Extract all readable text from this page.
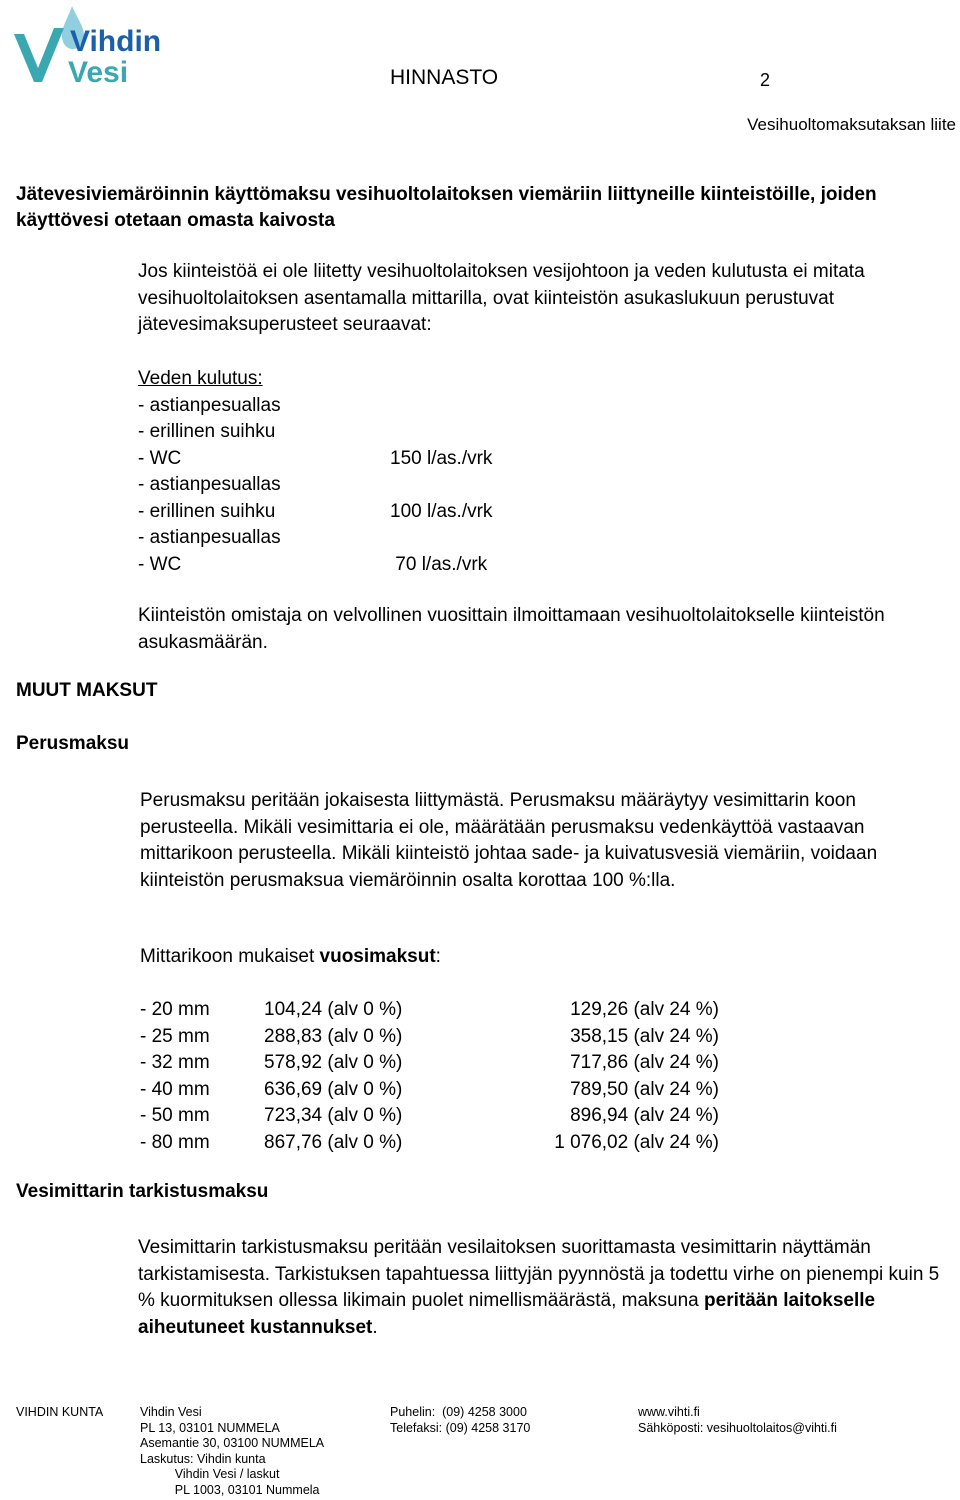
Vihdin
Vesi	HINNASTO	2
Vesihuoltomaksutaksan liite
Jätevesiviemäröinnin käyttömaksu vesihuoltolaitoksen viemäriin liittyneille kiinteistöille, joiden käyttövesi otetaan omasta kaivosta
Jos kiinteistöä ei ole liitetty vesihuoltolaitoksen vesijohtoon ja veden kulutusta ei mitata vesihuoltolaitoksen asentamalla mittarilla, ovat kiinteistön asukaslukuun perustuvat jätevesimaksuperusteet seuraavat:
Veden kulutus:
- astianpesuallas
- erillinen suihku
- WC	150 l/as./vrk
- astianpesuallas
- erillinen suihku	100 l/as./vrk
- astianpesuallas
- WC	70 l/as./vrk
Kiinteistön omistaja on velvollinen vuosittain ilmoittamaan vesihuoltolaitokselle kiinteistön asukasmäärän.
MUUT MAKSUT
Perusmaksu
Perusmaksu peritään jokaisesta liittymästä. Perusmaksu määräytyy vesimittarin koon perusteella. Mikäli vesimittaria ei ole, määrätään perusmaksu vedenkäyttöä vastaavan mittarikoon perusteella. Mikäli kiinteistö johtaa sade- ja kuivatusvesiä viemäriin, voidaan kiinteistön perusmaksua viemäröinnin osalta korottaa 100 %:lla.
Mittarikoon mukaiset vuosimaksut:
- 20 mm	104,24 (alv 0 %)	129,26 (alv 24 %)
- 25 mm	288,83 (alv 0 %)	358,15 (alv 24 %)
- 32 mm	578,92 (alv 0 %)	717,86 (alv 24 %)
- 40 mm	636,69 (alv 0 %)	789,50 (alv 24 %)
- 50 mm	723,34 (alv 0 %)	896,94 (alv 24 %)
- 80 mm	867,76 (alv 0 %)	1 076,02 (alv 24 %)
Vesimittarin tarkistusmaksu
Vesimittarin tarkistusmaksu peritään vesilaitoksen suorittamasta vesimittarin näyttämän tarkistamisesta. Tarkistuksen tapahtuessa liittyjän pyynnöstä ja todettu virhe on pienempi kuin 5 % kuormituksen ollessa likimain puolet nimellismäärästä, maksuna peritään laitokselle aiheutuneet kustannukset.
VIHDIN KUNTA	Vihdin Vesi
PL 13, 03101 NUMMELA
Asemantie 30, 03100 NUMMELA
Laskutus: Vihdin kunta
Vihdin Vesi / laskut
PL 1003, 03101 Nummela
Puhelin:  (09) 4258 3000
Telefaksi: (09) 4258 3170
www.vihti.fi
Sähköposti: vesihuoltolaitos@vihti.fi
